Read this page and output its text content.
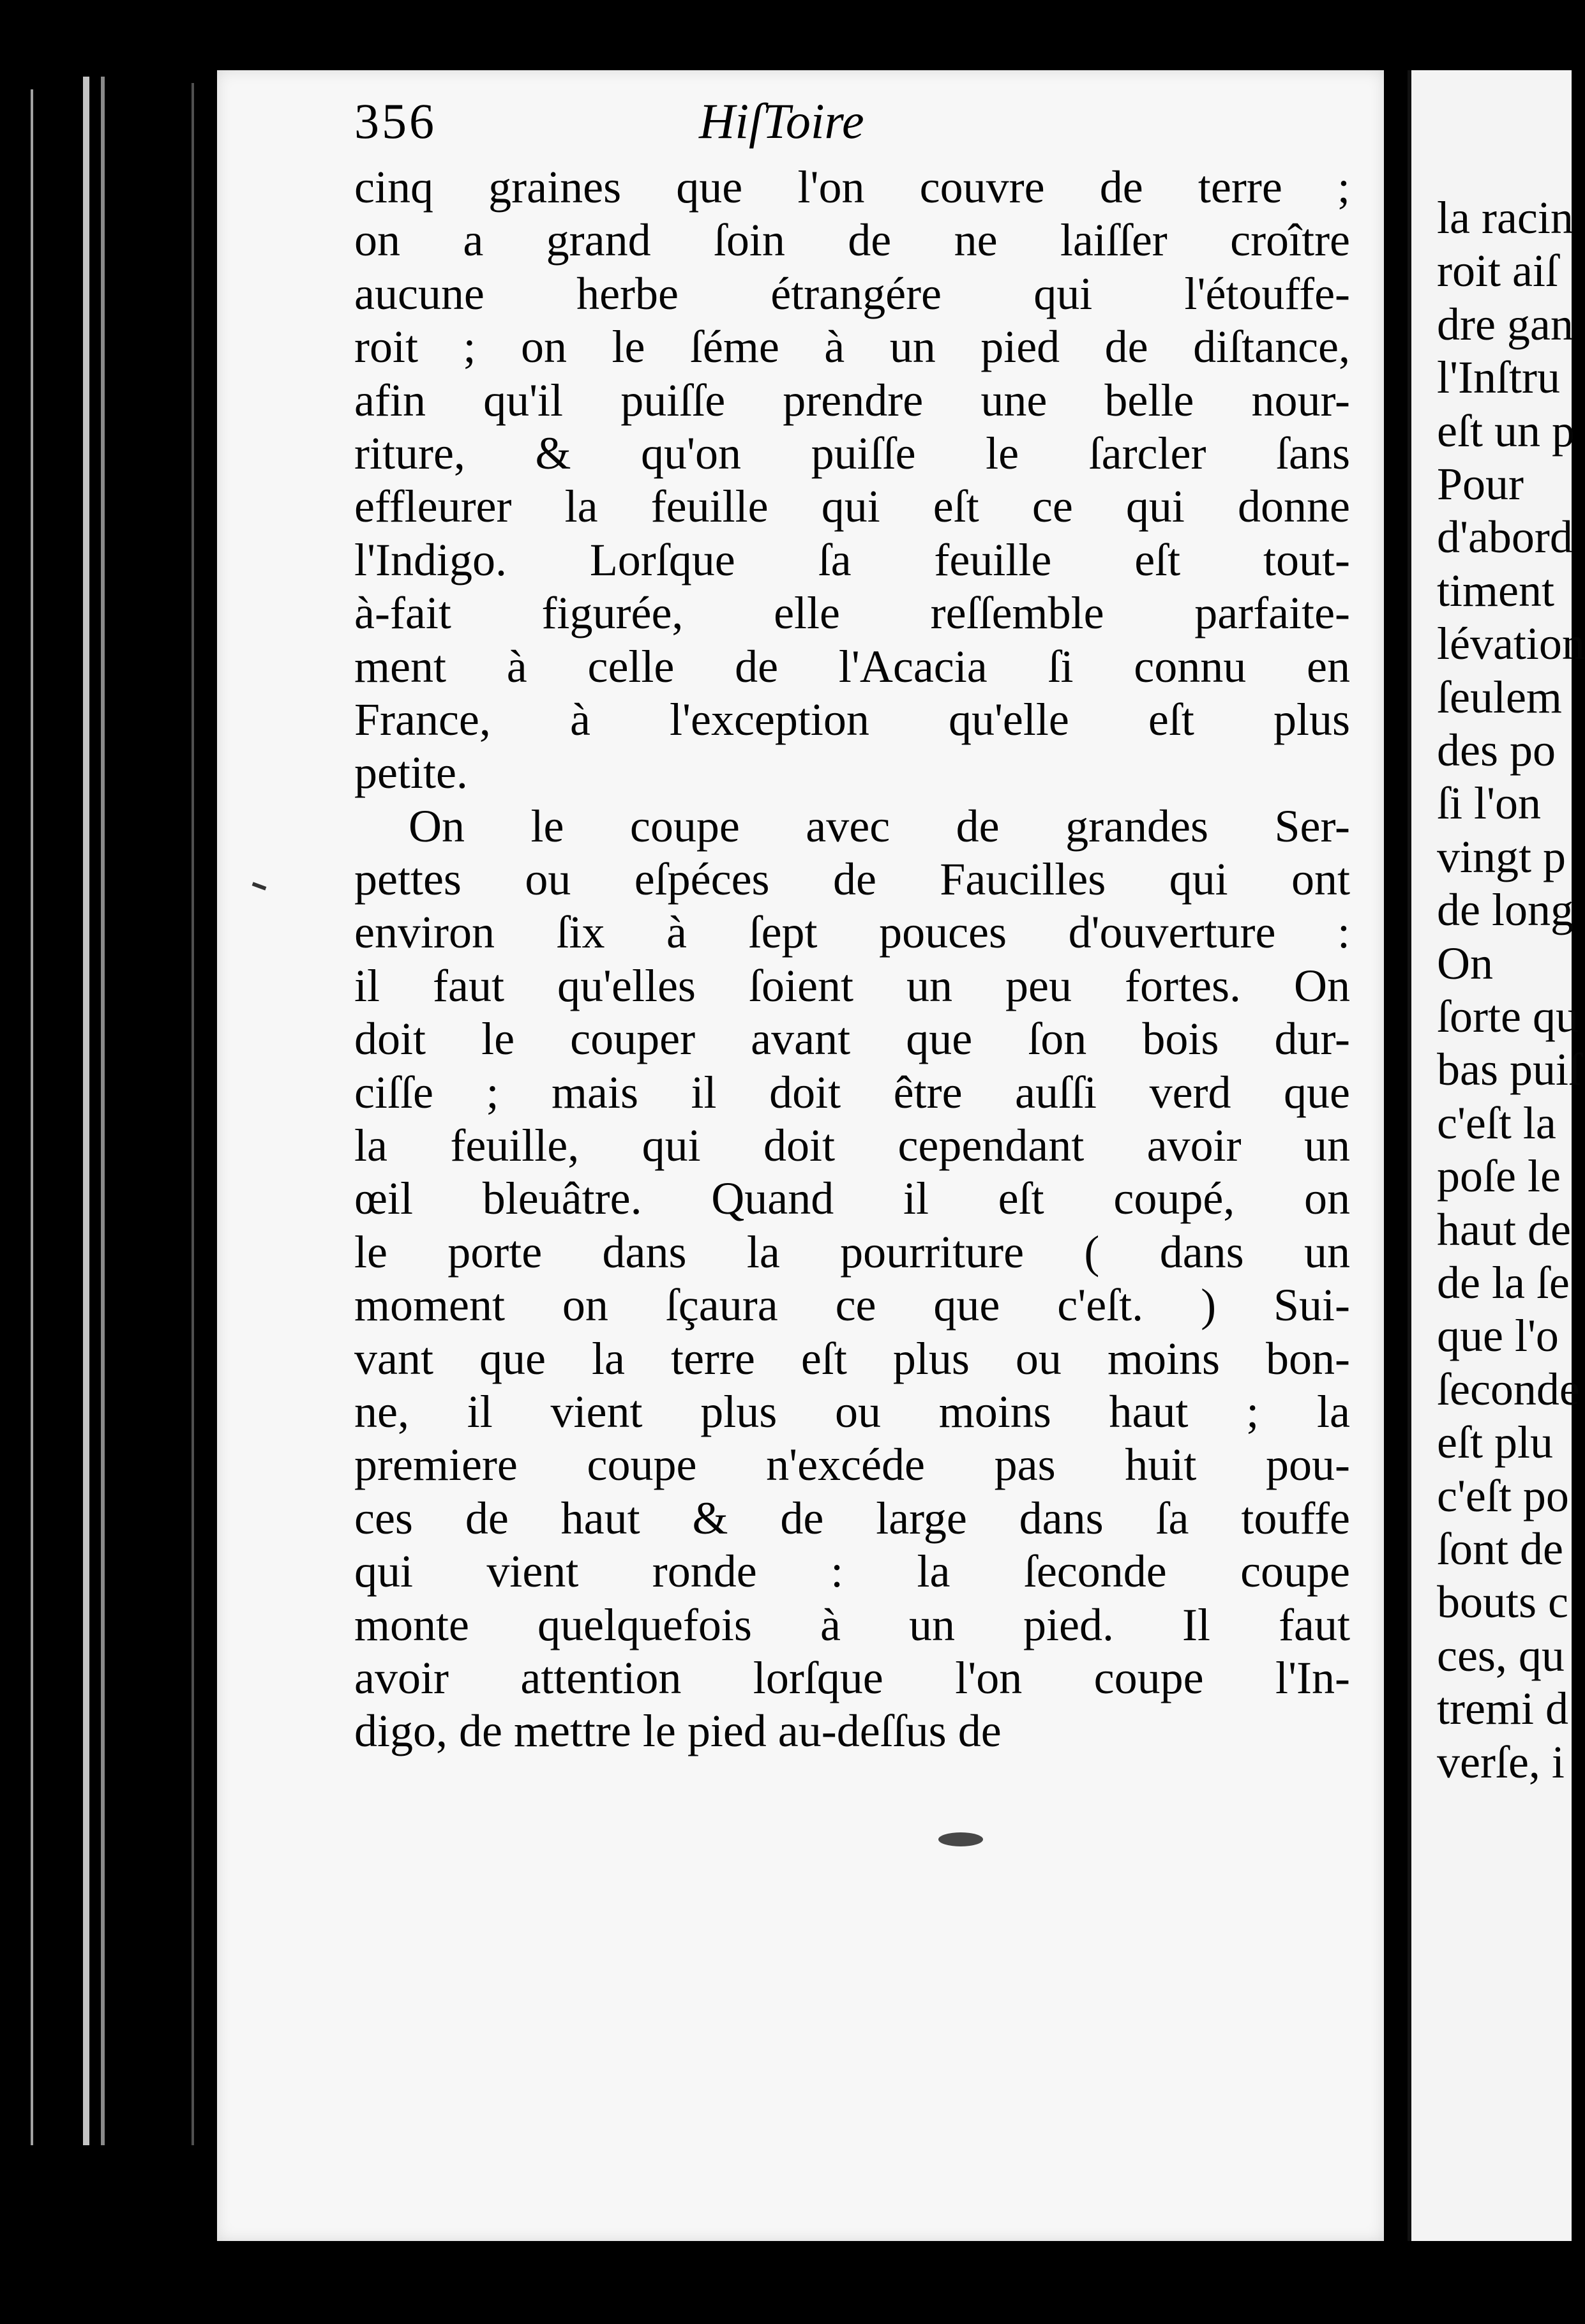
356	HiſToire
cinq graines que l'on couvre de terre ;
on a grand ſoin de ne laiſſer croître
aucune herbe étrangére qui l'étouffe-
roit ; on le ſéme à un pied de diſtance,
afin qu'il puiſſe prendre une belle nour-
riture, & qu'on puiſſe le ſarcler ſans
effleurer la feuille qui eſt ce qui donne
l'Indigo. Lorſque ſa feuille eſt tout-
à-fait figurée, elle reſſemble parfaite-
ment à celle de l'Acacia ſi connu en
France, à l'exception qu'elle eſt plus
petite.
On le coupe avec de grandes Ser-
pettes ou eſpéces de Faucilles qui ont
environ ſix à ſept pouces d'ouverture :
il faut qu'elles ſoient un peu fortes. On
doit le couper avant que ſon bois dur-
ciſſe ; mais il doit être auſſi verd que
la feuille, qui doit cependant avoir un
œil bleuâtre. Quand il eſt coupé, on
le porte dans la pourriture ( dans un
moment on ſçaura ce que c'eſt. ) Sui-
vant que la terre eſt plus ou moins bon-
ne, il vient plus ou moins haut ; la
premiere coupe n'excéde pas huit pou-
ces de haut & de large dans ſa touffe
qui vient ronde : la ſeconde coupe
monte quelquefois à un pied. Il faut
avoir attention lorſque l'on coupe l'In-
digo, de mettre le pied au-deſſus de
la racin
roit aiſ
dre gan
l'Inſtru
eſt un p
Pour
d'abord
timent
lévation
ſeulem
des po
ſi l'on
vingt p
de long
On
ſorte qu
bas puiſ
c'eſt la
poſe le
haut de
de la ſe
que l'o
ſeconde
eſt plu
c'eſt po
ſont de
bouts c
ces, qu
tremi d
verſe, i
